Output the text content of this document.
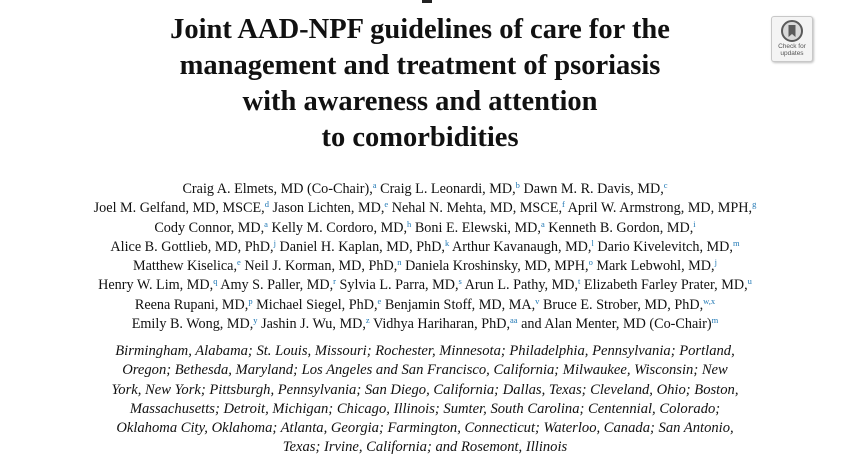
Joint AAD-NPF guidelines of care for the
management and treatment of psoriasis
with awareness and attention
to comorbidities
Check for
updates
Craig A. Elmets, MD (Co-Chair),$^a$ Craig L. Leonardi, MD,$^b$ Dawn M. R. Davis, MD,$^c$
Joel M. Gelfand, MD, MSCE,$^d$ Jason Lichten, MD,$^e$ Nehal N. Mehta, MD, MSCE,$^f$ April W. Armstrong, MD, MPH,$^g$
Cody Connor, MD,$^a$ Kelly M. Cordoro, MD,$^h$ Boni E. Elewski, MD,$^a$ Kenneth B. Gordon, MD,$^i$
Alice B. Gottlieb, MD, PhD,$^j$ Daniel H. Kaplan, MD, PhD,$^k$ Arthur Kavanaugh, MD,$^l$ Dario Kivelevitch, MD,$^m$
Matthew Kiselica,$^e$ Neil J. Korman, MD, PhD,$^n$ Daniela Kroshinsky, MD, MPH,$^o$ Mark Lebwohl, MD,$^j$
Henry W. Lim, MD,$^q$ Amy S. Paller, MD,$^r$ Sylvia L. Parra, MD,$^s$ Arun L. Pathy, MD,$^t$ Elizabeth Farley Prater, MD,$^u$
Reena Rupani, MD,$^p$ Michael Siegel, PhD,$^e$ Benjamin Stoff, MD, MA,$^v$ Bruce E. Strober, MD, PhD,$^{w,x}$
Emily B. Wong, MD,$^y$ Jashin J. Wu, MD,$^z$ Vidhya Hariharan, PhD,$^{aa}$ and Alan Menter, MD (Co-Chair)$^m$
Birmingham, Alabama; St. Louis, Missouri; Rochester, Minnesota; Philadelphia, Pennsylvania; Portland,
Oregon; Bethesda, Maryland; Los Angeles and San Francisco, California; Milwaukee, Wisconsin; New
York, New York; Pittsburgh, Pennsylvania; San Diego, California; Dallas, Texas; Cleveland, Ohio; Boston,
Massachusetts; Detroit, Michigan; Chicago, Illinois; Sumter, South Carolina; Centennial, Colorado;
Oklahoma City, Oklahoma; Atlanta, Georgia; Farmington, Connecticut; Waterloo, Canada; San Antonio,
Texas; Irvine, California; and Rosemont, Illinois
